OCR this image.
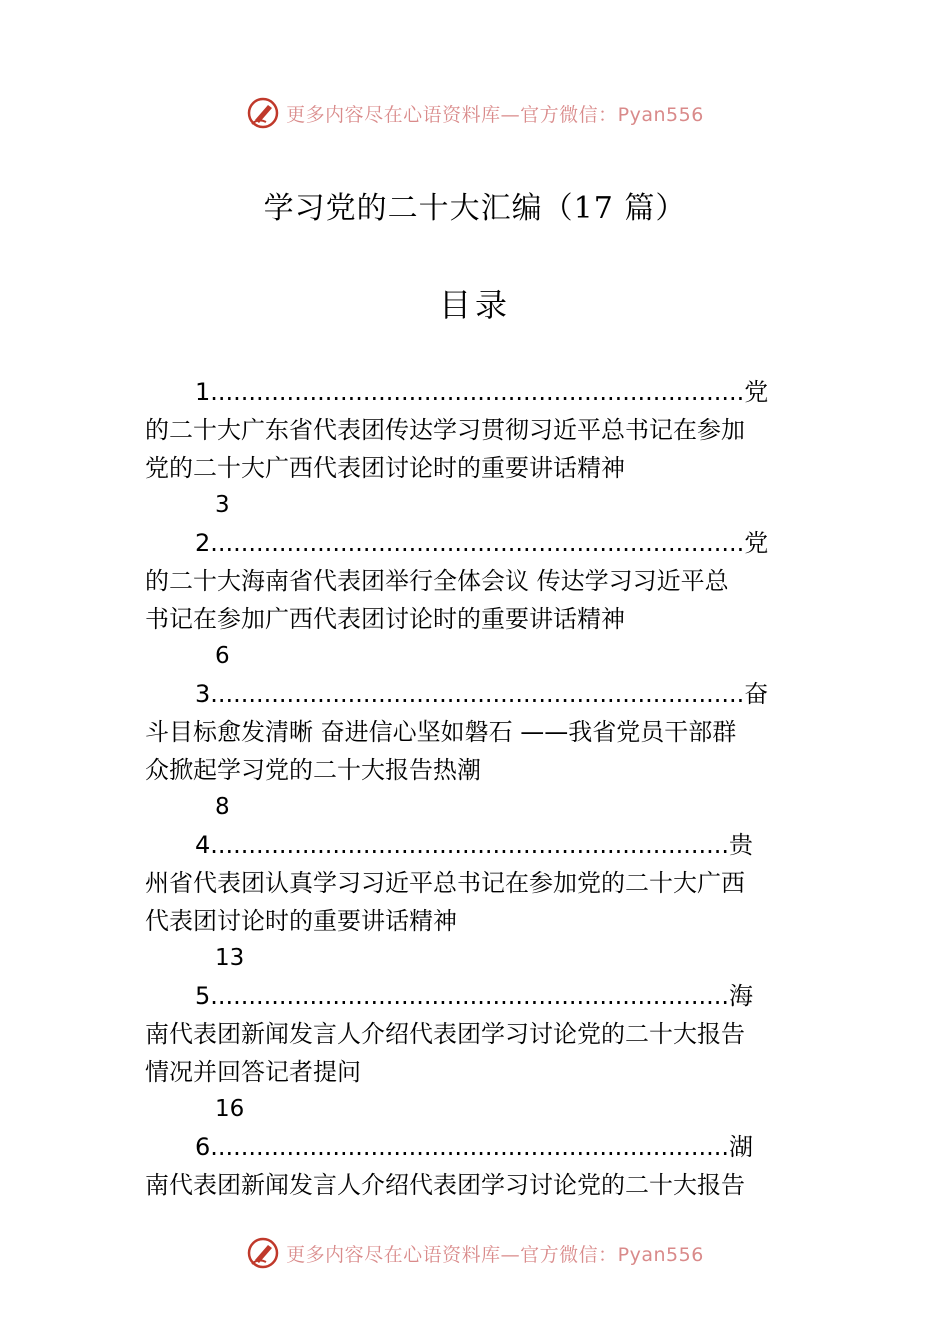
更多内容尽在心语资料库—官方微信：Pyan556
学习党的二十大汇编（17 篇）
目录
1......................................................................党
的二十大广东省代表团传达学习贯彻习近平总书记在参加
党的二十大广西代表团讨论时的重要讲话精神
3
2......................................................................党
的二十大海南省代表团举行全体会议 传达学习习近平总
书记在参加广西代表团讨论时的重要讲话精神
6
3......................................................................奋
斗目标愈发清晰 奋进信心坚如磐石 ——我省党员干部群
众掀起学习党的二十大报告热潮
8
4....................................................................贵
州省代表团认真学习习近平总书记在参加党的二十大广西
代表团讨论时的重要讲话精神
13
5....................................................................海
南代表团新闻发言人介绍代表团学习讨论党的二十大报告
情况并回答记者提问
16
6....................................................................湖
南代表团新闻发言人介绍代表团学习讨论党的二十大报告
更多内容尽在心语资料库—官方微信：Pyan556
